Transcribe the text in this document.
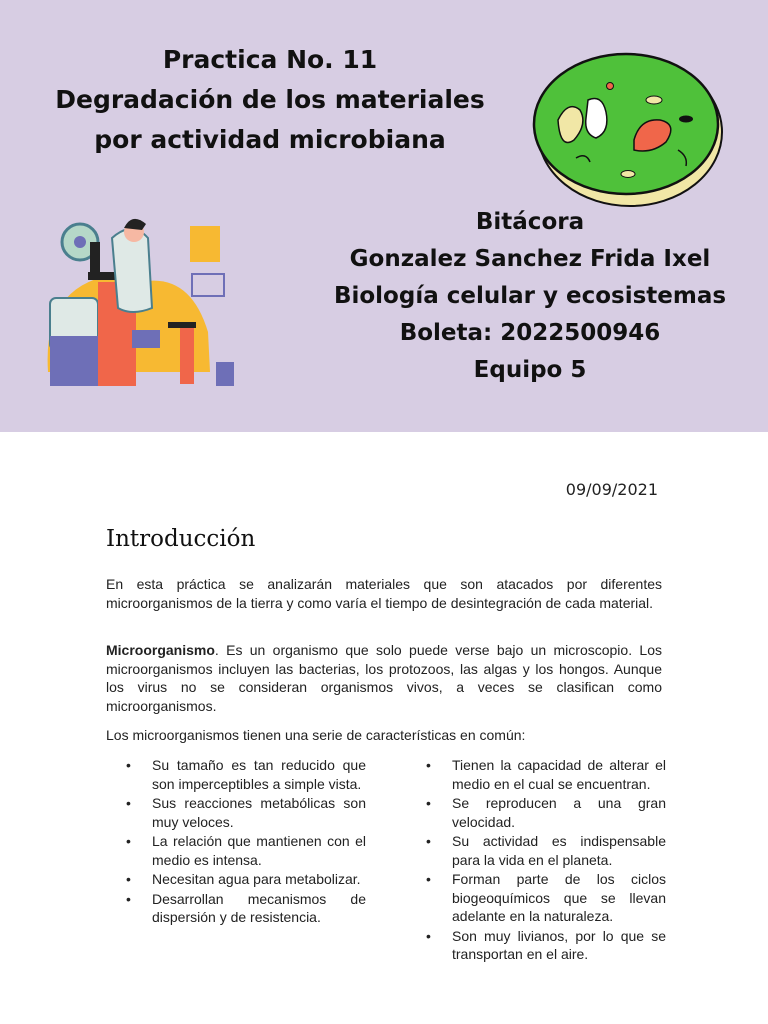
Practica No. 11
Degradación de los materiales
por actividad microbiana
Bitácora
Gonzalez Sanchez Frida Ixel
Biología celular y ecosistemas
Boleta: 2022500946
Equipo 5
09/09/2021
Introducción
En esta práctica se analizarán materiales que son atacados por diferentes microorganismos de la tierra y como varía el tiempo de desintegración de cada material.
Microorganismo. Es un organismo que solo puede verse bajo un microscopio. Los microorganismos incluyen las bacterias, los protozoos, las algas y los hongos. Aunque los virus no se consideran organismos vivos, a veces se clasifican como microorganismos.
Los microorganismos tienen una serie de características en común:
• Su tamaño es tan reducido que son imperceptibles a simple vista.
• Sus reacciones metabólicas son muy veloces.
• La relación que mantienen con el medio es intensa.
• Necesitan agua para metabolizar.
• Desarrollan mecanismos de dispersión y de resistencia.
• Tienen la capacidad de alterar el medio en el cual se encuentran.
• Se reproducen a una gran velocidad.
• Su actividad es indispensable para la vida en el planeta.
• Forman parte de los ciclos biogeoquímicos que se llevan adelante en la naturaleza.
• Son muy livianos, por lo que se transportan en el aire.
